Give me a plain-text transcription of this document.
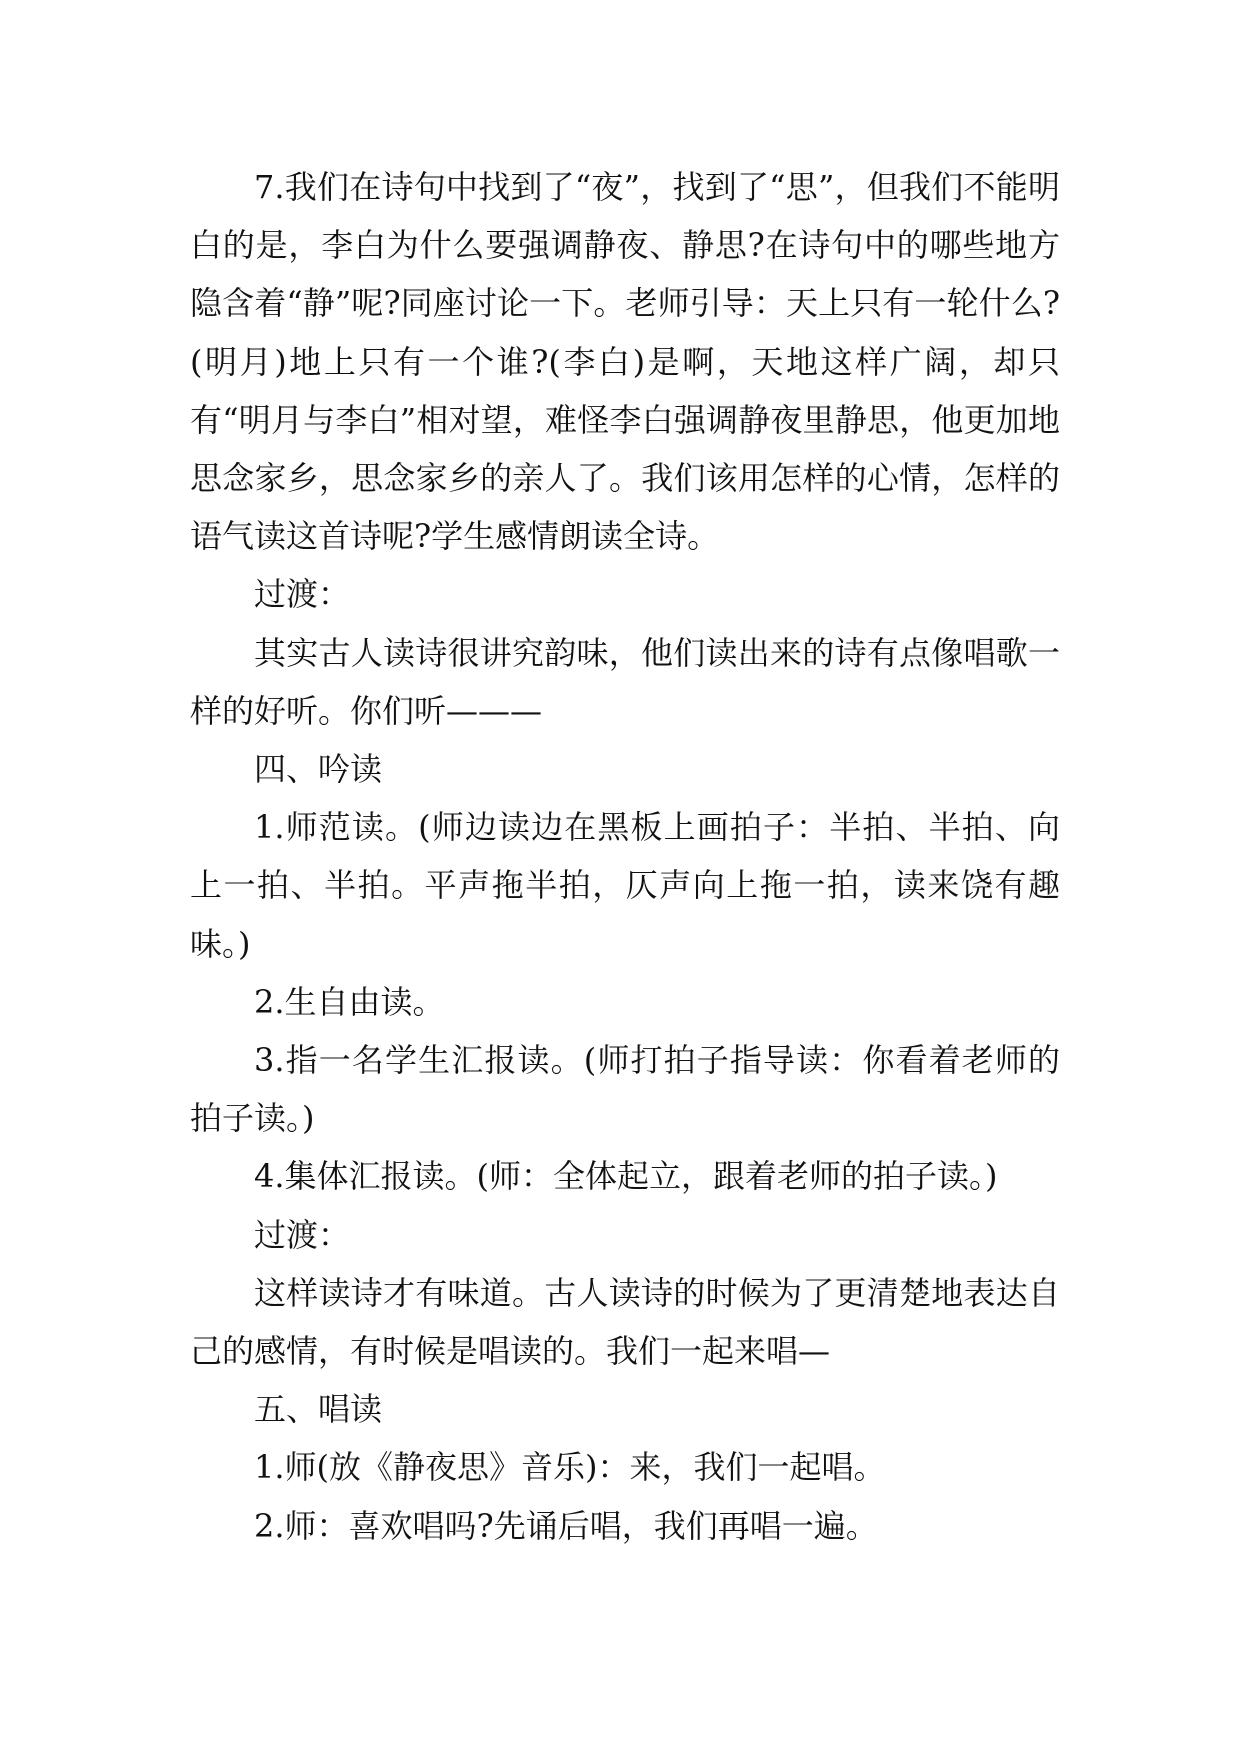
7.我们在诗句中找到了“夜”，找到了“思”，但我们不能明白的是，李白为什么要强调静夜、静思?在诗句中的哪些地方隐含着“静”呢?同座讨论一下。老师引导：天上只有一轮什么?(明月)地上只有一个谁?(李白)是啊，天地这样广阔，却只有“明月与李白”相对望，难怪李白强调静夜里静思，他更加地思念家乡，思念家乡的亲人了。我们该用怎样的心情，怎样的语气读这首诗呢?学生感情朗读全诗。

过渡：

其实古人读诗很讲究韵味，他们读出来的诗有点像唱歌一样的好听。你们听———

四、吟读

1.师范读。(师边读边在黑板上画拍子：半拍、半拍、向上一拍、半拍。平声拖半拍，仄声向上拖一拍，读来饶有趣味。)

2.生自由读。

3.指一名学生汇报读。(师打拍子指导读：你看着老师的拍子读。)

4.集体汇报读。(师：全体起立，跟着老师的拍子读。)

过渡：

这样读诗才有味道。古人读诗的时候为了更清楚地表达自己的感情，有时候是唱读的。我们一起来唱—

五、唱读

1.师(放《静夜思》音乐)：来，我们一起唱。

2.师：喜欢唱吗?先诵后唱，我们再唱一遍。
